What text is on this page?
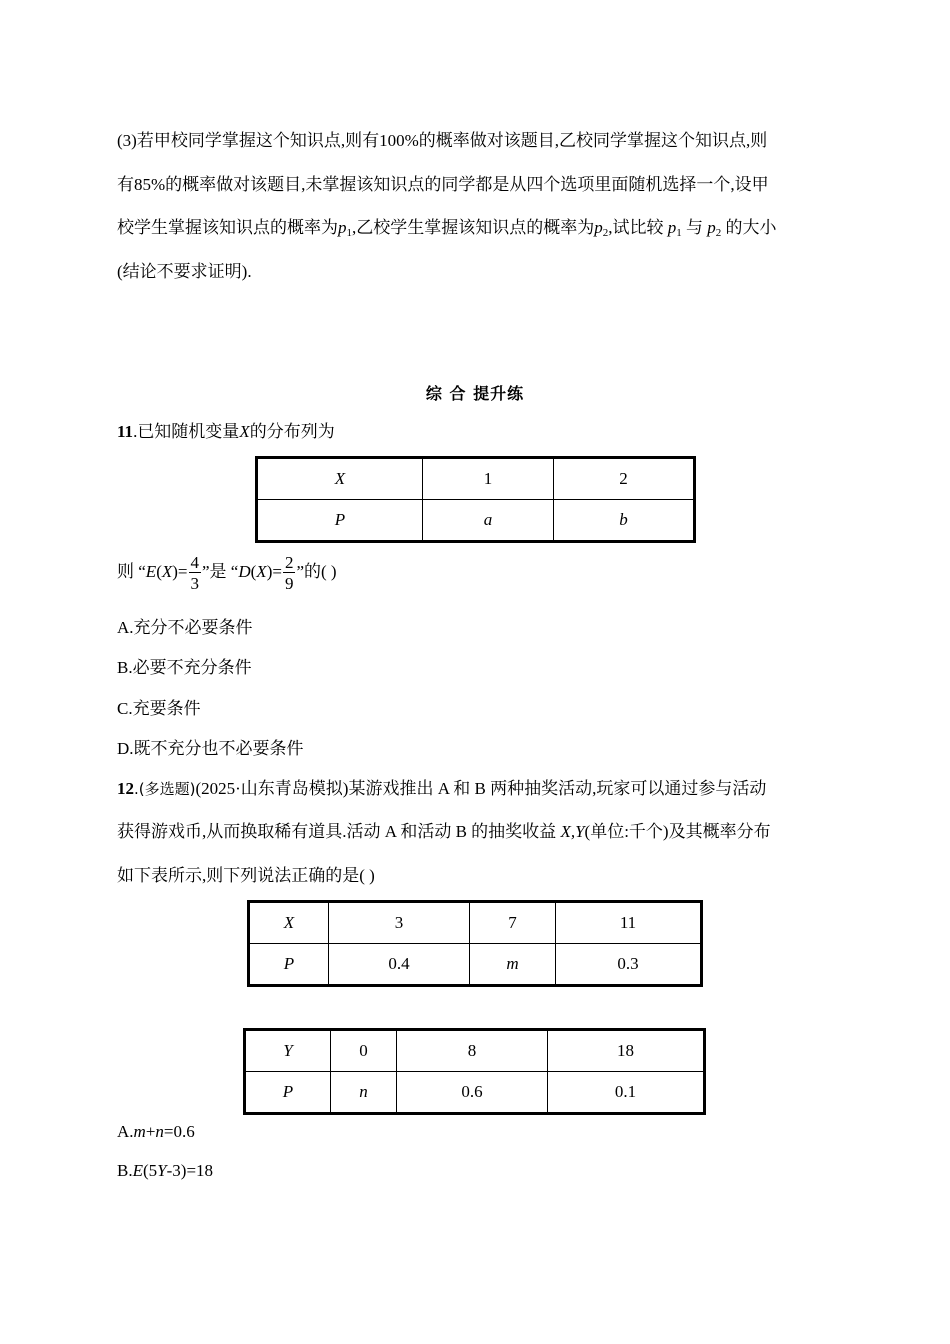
(3)若甲校同学掌握这个知识点,则有100%的概率做对该题目,乙校同学掌握这个知识点,则
有85%的概率做对该题目,未掌握该知识点的同学都是从四个选项里面随机选择一个,设甲
校学生掌握该知识点的概率为$p_1$,乙校学生掌握该知识点的概率为$p_2$,试比较 $p_1$ 与 $p_2$ 的大小
(结论不要求证明).
综 合 提升练
11.已知随机变量X的分布列为
X	1	2
P	a	b
则 “$E(X)= \frac{4}{3}$ ”是 “$D(X)= \frac{2}{9}$ ”的( )
A.充分不必要条件
B.必要不充分条件
C.充要条件
D.既不充分也不必要条件
12.(多选题)(2025·山东青岛模拟)某游戏推出 A 和 B 两种抽奖活动,玩家可以通过参与活动
获得游戏币,从而换取稀有道具.活动 A 和活动 B 的抽奖收益 X,Y(单位:千个)及其概率分布
如下表所示,则下列说法正确的是( )
X	3	7	11
P	0.4	m	0.3
Y	0	8	18
P	n	0.6	0.1
A.m+n=0.6
B.E(5Y-3)=18
